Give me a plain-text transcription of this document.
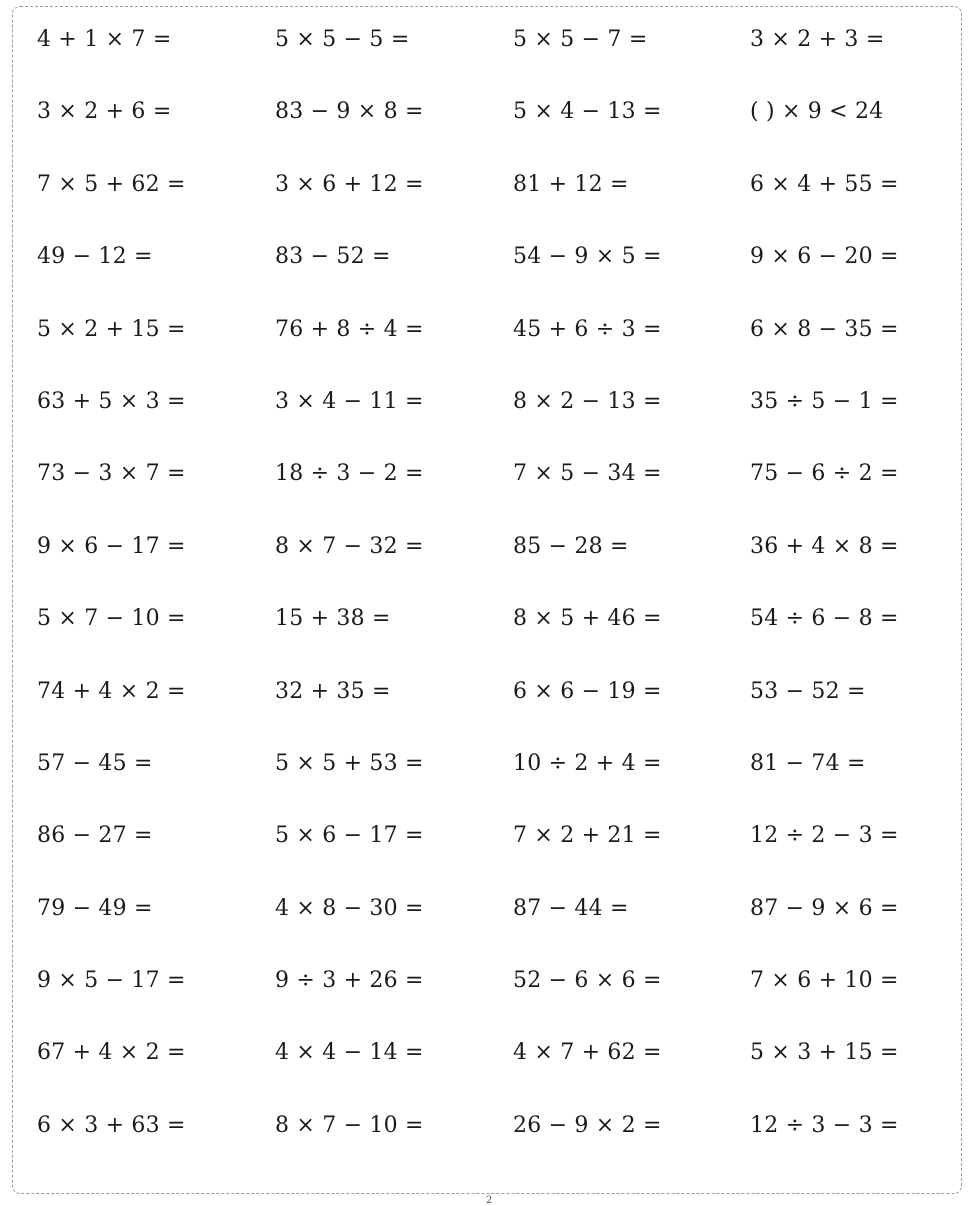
4 + 1 × 7 =	5 × 5 − 5 =	5 × 5 − 7 =	3 × 2 + 3 =
3 × 2 + 6 =	83 − 9 × 8 =	5 × 4 − 13 =	( ) × 9 < 24
7 × 5 + 62 =	3 × 6 + 12 =	81 + 12 =	6 × 4 + 55 =
49 − 12 =	83 − 52 =	54 − 9 × 5 =	9 × 6 − 20 =
5 × 2 + 15 =	76 + 8 ÷ 4 =	45 + 6 ÷ 3 =	6 × 8 − 35 =
63 + 5 × 3 =	3 × 4 − 11 =	8 × 2 − 13 =	35 ÷ 5 − 1 =
73 − 3 × 7 =	18 ÷ 3 − 2 =	7 × 5 − 34 =	75 − 6 ÷ 2 =
9 × 6 − 17 =	8 × 7 − 32 =	85 − 28 =	36 + 4 × 8 =
5 × 7 − 10 =	15 + 38 =	8 × 5 + 46 =	54 ÷ 6 − 8 =
74 + 4 × 2 =	32 + 35 =	6 × 6 − 19 =	53 − 52 =
57 − 45 =	5 × 5 + 53 =	10 ÷ 2 + 4 =	81 − 74 =
86 − 27 =	5 × 6 − 17 =	7 × 2 + 21 =	12 ÷ 2 − 3 =
79 − 49 =	4 × 8 − 30 =	87 − 44 =	87 − 9 × 6 =
9 × 5 − 17 =	9 ÷ 3 + 26 =	52 − 6 × 6 =	7 × 6 + 10 =
67 + 4 × 2 =	4 × 4 − 14 =	4 × 7 + 62 =	5 × 3 + 15 =
6 × 3 + 63 =	8 × 7 − 10 =	26 − 9 × 2 =	12 ÷ 3 − 3 =
2
